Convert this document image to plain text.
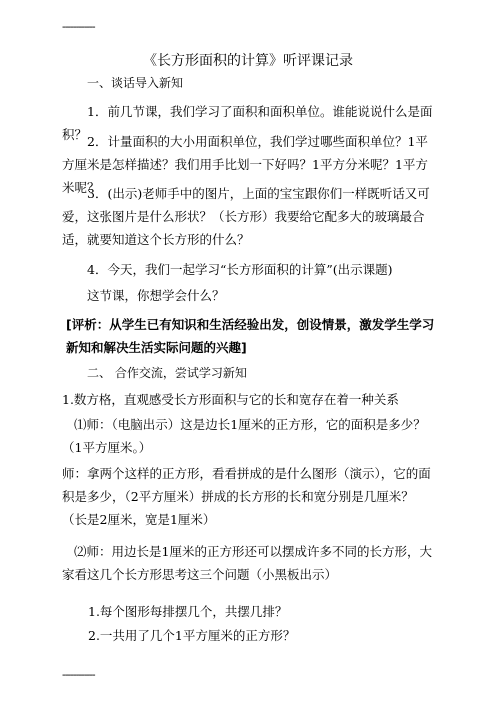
------------
《长方形面积的计算》听评课记录
一、谈话导入新知
1．前几节课，我们学习了面积和面积单位。谁能说说什么是面积？ 2．计量面积的大小用面积单位，我们学过哪些面积单位？1平方厘米是怎样描述？我们用手比划一下好吗？1平方分米呢？1平方米呢？
3．(出示)老师手中的图片，上面的宝宝跟你们一样既听话又可爱，这张图片是什么形状？（长方形）我要给它配多大的玻璃最合适，就要知道这个长方形的什么？
4．今天，我们一起学习“长方形面积的计算”(出示课题)
这节课，你想学会什么？
[评析：从学生已有知识和生活经验出发，创设情景，激发学生学习新知和解决生活实际问题的兴趣]
二、 合作交流，尝试学习新知
1.数方格，直观感受长方形面积与它的长和宽存在着一种关系
⑴师：（电脑出示）这是边长1厘米的正方形，它的面积是多少？（1平方厘米。）
师：拿两个这样的正方形，看看拼成的是什么图形（演示），它的面积是多少，（2平方厘米）拼成的长方形的长和宽分别是几厘米？（长是2厘米，宽是1厘米）
⑵师：用边长是1厘米的正方形还可以摆成许多不同的长方形，大家看这几个长方形思考这三个问题（小黑板出示）
1.每个图形每排摆几个，共摆几排？
2.一共用了几个1平方厘米的正方形？
------------
